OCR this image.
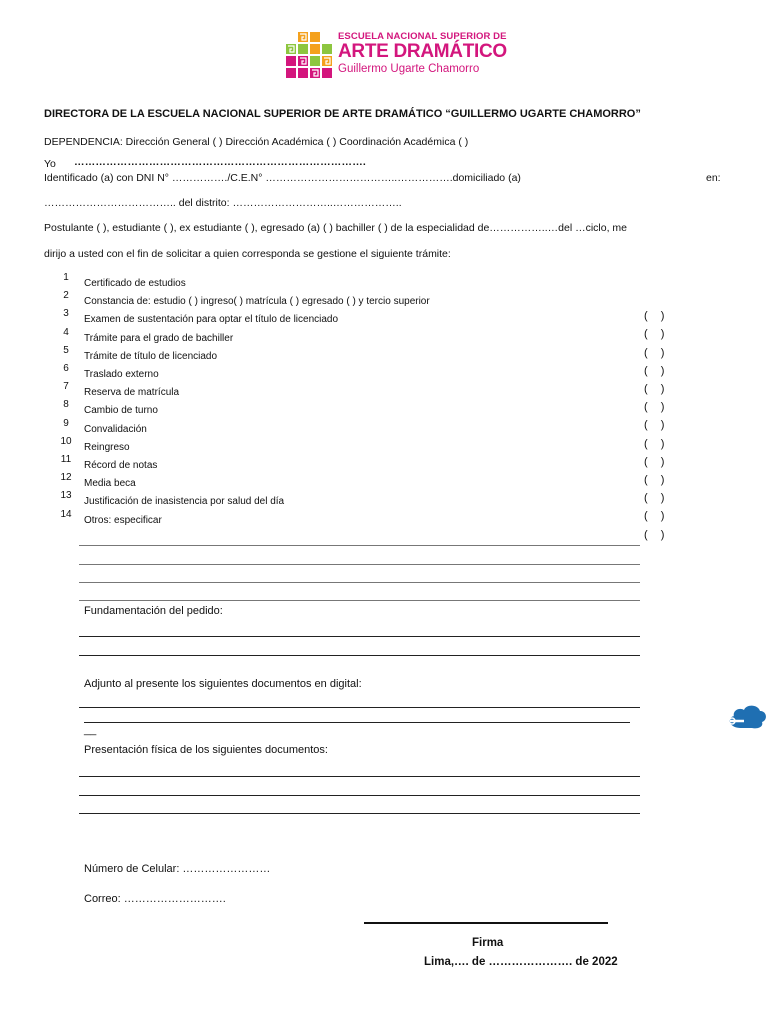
ESCUELA NACIONAL SUPERIOR DE
ARTE DRAMÁTICO
Guillermo Ugarte Chamorro
DIRECTORA DE LA ESCUELA NACIONAL SUPERIOR DE ARTE DRAMÁTICO “GUILLERMO UGARTE CHAMORRO”
DEPENDENCIA: Dirección General ( ) Dirección Académica ( ) Coordinación Académica ( )
Yo ……………………………………………………………………….
Identificado (a) con DNI N° ……………./C.E.N° ………………………………..…………….domiciliado (a)	en:
……………………………….. del distrito: ………………………..………………..
Postulante ( ), estudiante ( ), ex estudiante ( ), egresado (a) ( ) bachiller ( ) de la especialidad de……………..…del …ciclo, me
dirijo a usted con el fin de solicitar a quien corresponda se gestione el siguiente trámite:
1
Certificado de estudios
2
Constancia de: estudio ( ) ingreso( ) matrícula ( ) egresado ( ) y tercio superior
( )
3
Examen de sustentación para optar el título de licenciado
( )
4
Trámite para el grado de bachiller
( )
5
Trámite de título de licenciado
( )
6
Traslado externo
( )
7
Reserva de matrícula
( )
8
Cambio de turno
( )
9
Convalidación
( )
10
Reingreso
( )
11
Récord de notas
( )
12
Media beca
( )
13
Justificación de inasistencia por salud del día
( )
14
Otros: especificar
( )
Fundamentación del pedido:
Adjunto al presente los siguientes documentos en digital:
__
Presentación física de los siguientes documentos:
Número de Celular: ……………………
Correo: ……………………….
Firma
Lima,…. de …………………. de 2022
